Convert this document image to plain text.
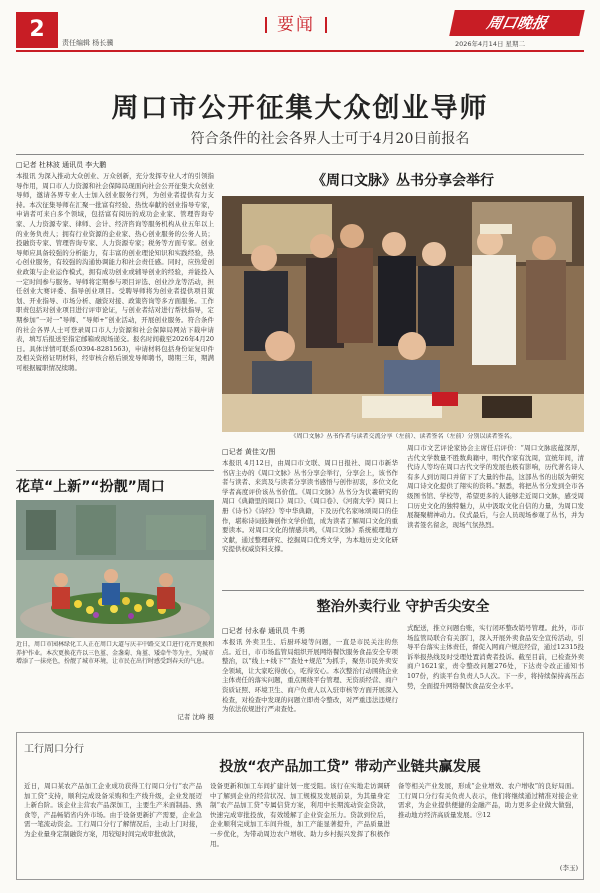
2
责任编辑 杨长骥
要闻	周口晚报
2026年4月14日 星期二
周口市公开征集大众创业导师
符合条件的社会各界人士可于4月20日前报名
□记者 杜林波 通讯员 李大鹏
本报讯 为深入推动大众创业、万众创新，充分发挥专业人才的引领指导作用，周口市人力资源和社会保障局现面向社会公开征集大众创业导师，邀请各界专业人士加入创业服务行列，为创业者提供有力支持。本次征集导师在汇聚一批富有经验、热忱奉献的创业指导专家，申请者可来自多个领域，包括富有阅历的成功企业家、管理咨询专家、人力资源专家、律师、会计、经济咨询等服务机构从业五年以上的业务负责人；拥有行业资源的企业家、热心创业服务的公务人员；投融资专家、管理咨询专家、人力资源专家；税务等方面专家。创业导师应具备较强的分析能力，有丰富的创业理论知识和实践经验，热心创业服务，有较强的沟通协调能力和社会责任感。同时，应热爱创业政策与企业运作模式，拥有成功创业或辅导创业的经验，并能投入一定时间参与服务。导师将定期参与项目评选、创业沙龙等活动，担任创业大赛评委、指导创业项目。受聘导师将为创业者提供项目策划、开业指导、市场分析、融资对接、政策咨询等多方面服务。工作职责包括对创业项目进行评审论证，与创业者结对进行帮扶指导，定期参加“一对一”导师、“导师+”创业活动，开展创业服务。符合条件的社会各界人士可登录周口市人力资源和社会保障局网站下载申请表，填写后报送至指定邮箱或现场递交。报名时间截至2026年4月20日。具体详情可联系(0394-8281563)，申请材料包括身份证复印件及相关资格证明材料，经审核合格后颁发导师聘书，聘期三年，期满可根据履职情况续聘。
《周口文脉》丛书分享会举行
《周口文脉》丛书作者与读者交流分享（左前）、读者签名（左前）分别以读者签名。
□记者 黄佳文/图
本报讯 4月12日，由周口市文联、周口日报社、周口市新华书店主办的《周口文脉》丛书分享会举行，分享会上，该书作者与读者、来宾及与读者分享读书感悟与创作初衷，多位文化学者高度评价该丛书价值。《周口文脉》丛书分为伏羲研究的周口《典籍里的周口》周口》、《周口卷》、《河南大学》周口上册《诗书》《诗经》等中华典籍，下及历代名家咏颂周口的佳作，堪称诗词鼓舞创作文学价值，成为读者了解周口文化的重要读本。对周口文化的情感共鸣，《周口文脉》系统梳理地方文献，通过整理研究、挖掘周口优秀文学，为本地历史文化研究提供权威资料支撑。
周口市文艺评论家协会主席任启评价：“周口文脉底蕴深厚，古代文学数量不胜数典籍中，明代作家有沈周，宣统年间，清代诗人等均在周口古代文学的发展也极有影响，历代著名诗人有多人到访周口并留下了大量的作品，这部丛书的出版为研究周口诗文化提供了翔实的资料。”据悉，将把丛书分发到全市各级图书馆、学校等，希望更多的人能够走近周口文脉，感受周口历史文化的独特魅力，从中汲取文化自信的力量，为周口发展凝聚精神动力。仪式最后，与会人员现场参观了丛书，并为读者签名留念，现场气氛热烈。
花草“上新”“扮靓”周口
近日，周口市园林绿化工人正在周口大道与庆丰中路交叉口进行花卉更换和养护作业。本次更换花卉以三色堇、金盏菊、角堇、矮牵牛等为主，为城市增添了一抹亮色，扮靓了城市环境，让市民在出行时感受到春天的气息。
记者 沈峰 摄
整治外卖行业 守护舌尖安全
□记者 付永春 通讯员 牛勇
本报讯 外卖卫生、后厨环境等问题，一直是市民关注的焦点。近日，市市场监管局组织开展网络餐饮服务食品安全专项整治，以“线上+线下”“查处+规范”为抓手，聚焦市民外卖安全领域，让大家吃得放心，吃得安心。本次整治行动围绕企业主体责任的落实问题，重点围绕平台管理、无资质经营、商户资质证照、环境卫生、商户负责人以入驻审核等方面开展深入检查，对检查中发现的问题立即责令整改，对严重违法违规行为依法依规进行严肃查处。
式配送，推立问题台账，实行闭环整改销号管理。此外，市市场监管局联合有关部门，深入开展外卖食品安全宣传活动，引导平台落实主体责任，督促入网商户规范经营，通过12315投诉举报热线及时受理处置消费者投诉。截至目前，已检查外卖商户1621家，责令整改问题276处，下达责令改正通知书107份，约谈平台负责人5人次。下一步，将持续保持高压态势，全面提升网络餐饮食品安全水平。
工行周口分行
投放“农产品加工贷” 带动产业链共赢发展
近日，周口某农产品加工企业成功获得工行周口分行“农产品加工贷”支持，顺利完成设备采购和生产线升级，企业发展迈上新台阶。该企业主营农产品深加工，主要生产米面制品、熟食等，产品畅销省内外市场。由于设备更新扩产需要，企业急需一笔流动资金。工行周口分行了解情况后，主动上门对接，为企业量身定制融资方案，用较短时间完成审批放款，
设备更新和加工车间扩建计划一度受阻。该行在实地走访调研中了解到企业的经营状况、加工规模及发展前景，为其量身定制“农产品加工贷”专属信贷方案，利用中长期流动资金贷款，快速完成审批投放，有效缓解了企业资金压力。贷款到位后，企业顺利完成加工车间升级，加工产能显著提升，产品质量进一步优化，为带动周边农户增收、助力乡村振兴发挥了积极作用。
备等相关产业发展，形成“企业增效、农户增收”的良好局面。工行周口分行有关负责人表示，他们将继续通过精准对接企业需求，为企业提供便捷的金融产品，助力更多企业做大做强，推动地方经济高质量发展。⑨12
(李玉)
